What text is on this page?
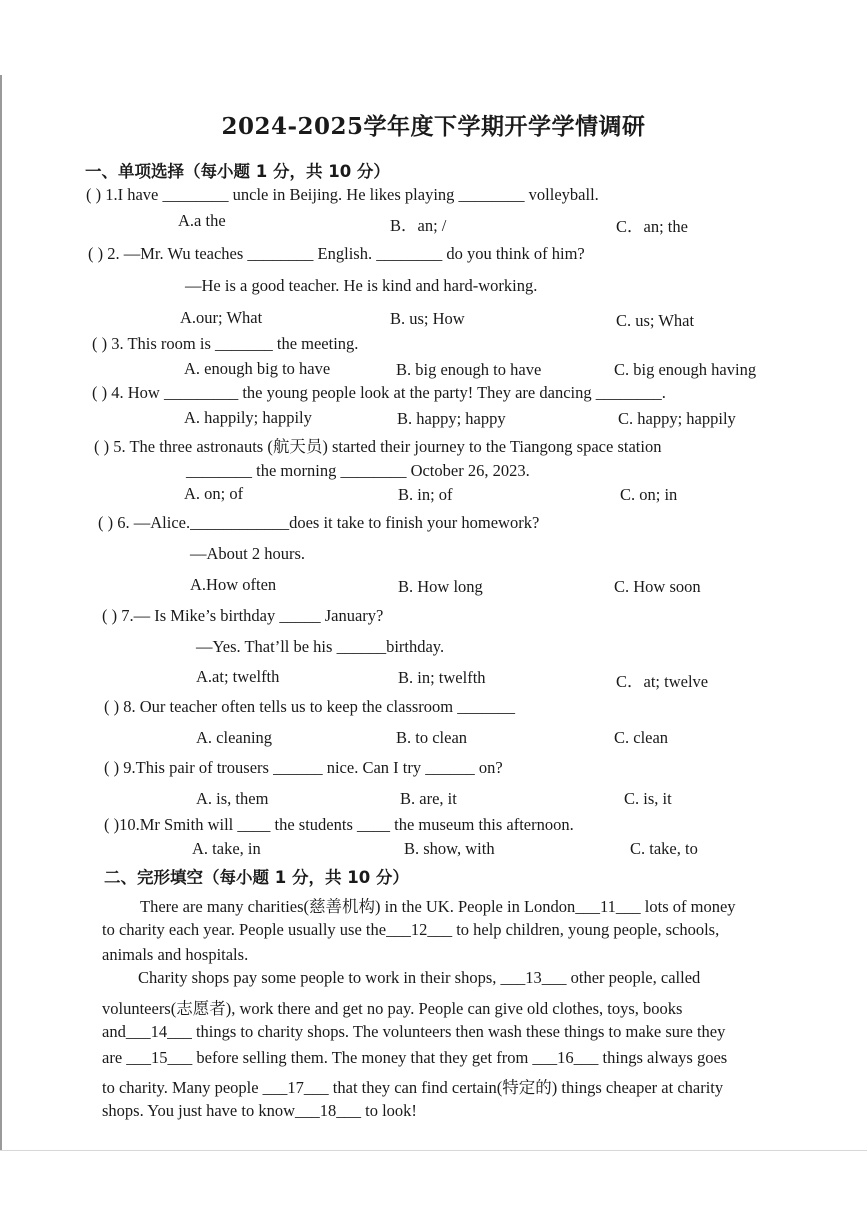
2024-2025学年度下学期开学学情调研
一、单项选择（每小题 1 分，共 10 分）
( ) 1.I have ________ uncle in Beijing. He likes playing ________ volleyball.
A.a the	B．an; /	C．an; the
( ) 2. —Mr. Wu teaches ________ English. ________ do you think of him?
—He is a good teacher. He is kind and hard-working.
A.our; What	B. us; How	C. us; What
( ) 3. This room is _______ the meeting.
A. enough big to have	B. big enough to have	C. big enough having
( ) 4. How _________ the young people look at the party! They are dancing ________.
A. happily; happily	B. happy; happy	C. happy; happily
( ) 5. The three astronauts (航天员) started their journey to the Tiangong space station
________ the morning ________ October 26, 2023.
A. on; of	B. in; of	C. on; in
( ) 6. —Alice.____________does it take to finish your homework?
—About 2 hours.
A.How often	B. How long	C. How soon
( ) 7.— Is Mike’s birthday _____ January?
—Yes. That’ll be his ______birthday.
A.at; twelfth	B. in; twelfth	C．at; twelve
( ) 8. Our teacher often tells us to keep the classroom _______
A. cleaning	B. to clean	C. clean
( ) 9.This pair of trousers ______ nice. Can I try ______ on?
A. is, them	B. are, it	C. is, it
( )10.Mr Smith will ____ the students ____ the museum this afternoon.
A. take, in	B. show, with	C. take, to
二、完形填空（每小题 1 分，共 10 分）
There are many charities(慈善机构) in the UK. People in London___11___ lots of money
to charity each year. People usually use the___12___ to help children, young people, schools,
animals and hospitals.
Charity shops pay some people to work in their shops, ___13___ other people, called
volunteers(志愿者), work there and get no pay. People can give old clothes, toys, books
and___14___ things to charity shops. The volunteers then wash these things to make sure they
are ___15___ before selling them. The money that they get from ___16___ things always goes
to charity. Many people ___17___ that they can find certain(特定的) things cheaper at charity
shops. You just have to know___18___ to look!
